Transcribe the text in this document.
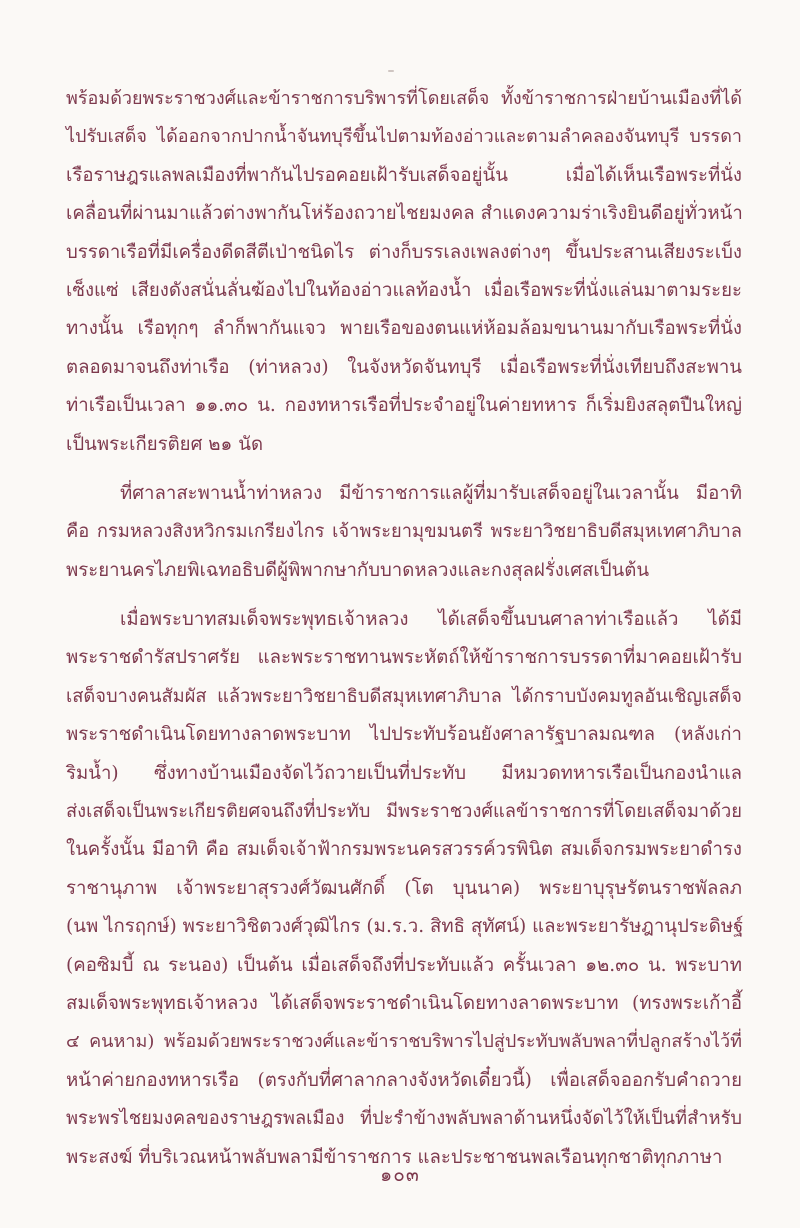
พร้อมด้วยพระราชวงศ์และข้าราชการบริพารที่โดยเสด็จ ทั้งข้าราชการฝ่ายบ้านเมืองที่ได้
ไปรับเสด็จ ได้ออกจากปากน้ำจันทบุรีขึ้นไปตามท้องอ่าวและตามลำคลองจันทบุรี บรรดา
เรือราษฎรแลพลเมืองที่พากันไปรอคอยเฝ้ารับเสด็จอยู่นั้น เมื่อได้เห็นเรือพระที่นั่ง
เคลื่อนที่ผ่านมาแล้วต่างพากันโห่ร้องถวายไชยมงคล สำแดงความร่าเริงยินดีอยู่ทั่วหน้า
บรรดาเรือที่มีเครื่องดีดสีตีเป่าชนิดไร ต่างก็บรรเลงเพลงต่างๆ ขึ้นประสานเสียงระเบ็ง
เซ็งแซ่ เสียงดังสนั่นลั่นฆ้องไปในท้องอ่าวแลท้องน้ำ เมื่อเรือพระที่นั่งแล่นมาตามระยะ
ทางนั้น เรือทุกๆ ลำก็พากันแจว พายเรือของตนแห่ห้อมล้อมขนานมากับเรือพระที่นั่ง
ตลอดมาจนถึงท่าเรือ (ท่าหลวง) ในจังหวัดจันทบุรี เมื่อเรือพระที่นั่งเทียบถึงสะพาน
ท่าเรือเป็นเวลา ๑๑.๓๐ น. กองทหารเรือที่ประจำอยู่ในค่ายทหาร ก็เริ่มยิงสลุตปืนใหญ่
เป็นพระเกียรติยศ ๒๑ นัด
ที่ศาลาสะพานน้ำท่าหลวง มีข้าราชการแลผู้ที่มารับเสด็จอยู่ในเวลานั้น มีอาทิ
คือ กรมหลวงสิงหวิกรมเกรียงไกร เจ้าพระยามุขมนตรี พระยาวิชยาธิบดีสมุหเทศาภิบาล
พระยานครไภยพิเฉทอธิบดีผู้พิพากษากับบาดหลวงและกงสุลฝรั่งเศสเป็นต้น
เมื่อพระบาทสมเด็จพระพุทธเจ้าหลวง ได้เสด็จขึ้นบนศาลาท่าเรือแล้ว ได้มี
พระราชดำรัสปราศรัย และพระราชทานพระหัตถ์ให้ข้าราชการบรรดาที่มาคอยเฝ้ารับ
เสด็จบางคนสัมผัส แล้วพระยาวิชยาธิบดีสมุหเทศาภิบาล ได้กราบบังคมทูลอันเชิญเสด็จ
พระราชดำเนินโดยทางลาดพระบาท ไปประทับร้อนยังศาลารัฐบาลมณฑล (หลังเก่า
ริมน้ำ) ซึ่งทางบ้านเมืองจัดไว้ถวายเป็นที่ประทับ มีหมวดทหารเรือเป็นกองนำแล
ส่งเสด็จเป็นพระเกียรติยศจนถึงที่ประทับ มีพระราชวงศ์แลข้าราชการที่โดยเสด็จมาด้วย
ในครั้งนั้น มีอาทิ คือ สมเด็จเจ้าฟ้ากรมพระนครสวรรค์วรพินิต สมเด็จกรมพระยาดำรง
ราชานุภาพ เจ้าพระยาสุรวงศ์วัฒนศักดิ์ (โต บุนนาค) พระยาบุรุษรัตนราชพัลลภ
(นพ ไกรฤกษ์) พระยาวิชิตวงศ์วุฒิไกร (ม.ร.ว. สิทธิ สุทัศน์) และพระยารัษฎานุประดิษฐ์
(คอซิมบี้ ณ ระนอง) เป็นต้น เมื่อเสด็จถึงที่ประทับแล้ว ครั้นเวลา ๑๒.๓๐ น. พระบาท
สมเด็จพระพุทธเจ้าหลวง ได้เสด็จพระราชดำเนินโดยทางลาดพระบาท (ทรงพระเก้าอี้
๔ คนหาม) พร้อมด้วยพระราชวงศ์และข้าราชบริพารไปสู่ประทับพลับพลาที่ปลูกสร้างไว้ที่
หน้าค่ายกองทหารเรือ (ตรงกับที่ศาลากลางจังหวัดเดี๋ยวนี้) เพื่อเสด็จออกรับคำถวาย
พระพรไชยมงคลของราษฎรพลเมือง ที่ปะรำข้างพลับพลาด้านหนึ่งจัดไว้ให้เป็นที่สำหรับ
พระสงฆ์ ที่บริเวณหน้าพลับพลามีข้าราชการ และประชาชนพลเรือนทุกชาติทุกภาษา
๑๐๓
